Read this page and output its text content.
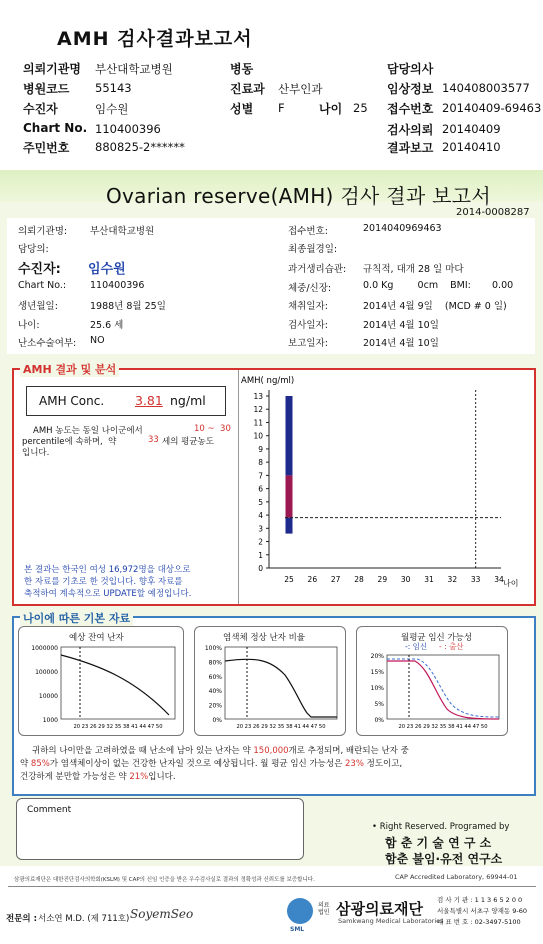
AMH 검사결과보고서
의뢰기관명 부산대학교병원	병동	담당의사
병원코드 55143	진료과 산부인과	임상정보 140408003577
수진자	임수원	성별 F	나이 25 접수번호 20140409-69463
Chart No. 110400396	검사의뢰 20140409
주민번호 880825-2******	결과보고 20140410
Ovarian reserve(AMH) 검사 결과 보고서
2014-0008287
의뢰기관명: 부산대학교병원
담당의:
수진자: 임수원
Chart No.:	110400396
생년월일:	1988년 8월 25일
나이:	25.6 세
난소수술여부: NO
접수번호:	2014040969463
최종월경일:
과거생리습관: 규칙적, 대개 28 일 마다
체중/신장:	0.0 Kg        0cm    BMI:       0.00
채취일자:	2014년 4월 9일    (MCD # 0 일)
검사일자:	2014년 4월 10일
보고일자:	2014년 4월 10일
AMH Conc. 3.81 ng/ml
AMH 농도는 동일 나이군에서	10 ~  30
percentile에 속하며,  약	33 세의 평균농도
입니다.
본 결과는 한국인 여성 16,972명을 대상으로
한 자료를 기초로 한 것입니다. 향후 자료를
축적하여 계속적으로 UPDATE할 예정입니다.
AMH( ng/ml)
0
1
2
3
4
5
6
7
8
9
10
11
12
13
25 26 27 28 29 30 31 32 33 34 나이
AMH 결과 및 분석
예상 잔여 난자
1000000
100000
10000
1000
20 23 26 29 32 35 38 41 44 47 50
염색체 정상 난자 비율
100%
80%
60%
40%
20%
0%
20 23 26 29 32 35 38 41 44 47 50
월평균 임신 가능성
-: 임신 - : 출산
20%
15%
10%
5%
0%
20 23 26 29 32 35 38 41 44 47 50
귀하의 나이만을 고려하였을 때 난소에 남아 있는 난자는 약 150,000개로 추정되며, 배란되는 난자 중
약 85%가 염색체이상이 없는 건강한 난자일 것으로 예상됩니다. 월 평균 임신 가능성은 23% 정도이고,
건강하게 분만할 가능성은 약 21%입니다.
나이에 따른 기본 자료
Comment
• Right Reserved. Programed by
함 춘 기 술 연 구 소
함춘 불임·유전 연구소
삼광의료재단은 대한진단검사의학회(KSLM) 및 CAP의 신임 인증을 받은 우수검사실로 결과의 정확성과 신뢰도를 보증합니다.	CAP Accredited Laboratory, 69944-01
전문의 : 서소연 M.D. (제 711호) SoyemSeo
SML
의료법인 삼광의료재단
Samkwang Medical Laboratories
검 사 기 관 : 1 1 3 6 5 2 0 0
서울특별시 서초구 양재동 9-60
대 표 번 호 : 02-3497-5100
